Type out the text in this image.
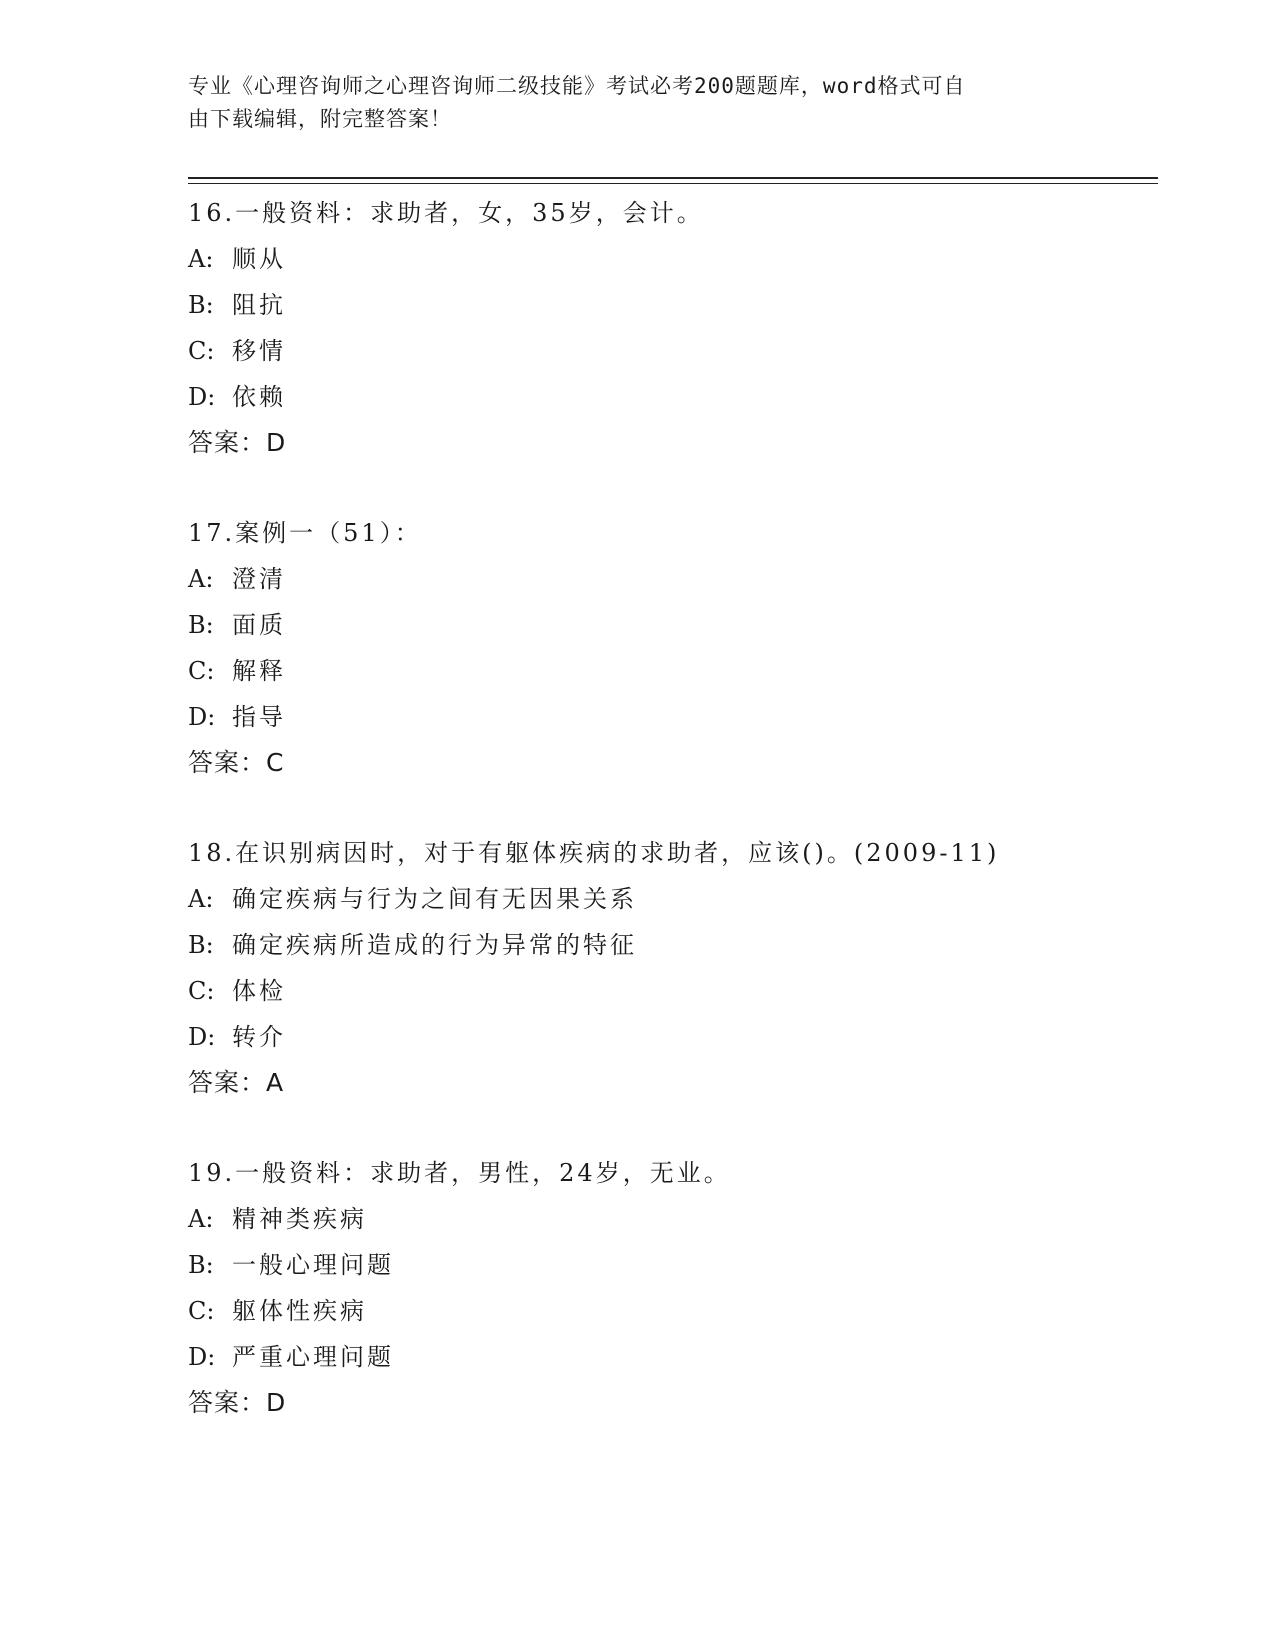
专业《心理咨询师之心理咨询师二级技能》考试必考200题题库，word格式可自
由下载编辑，附完整答案！
16.一般资料：求助者，女，35岁，会计。
A: 顺从
B: 阻抗
C: 移情
D: 依赖
答案：D
17.案例一（51）：
A: 澄清
B: 面质
C: 解释
D: 指导
答案：C
18.在识别病因时，对于有躯体疾病的求助者，应该()。(2009-11)
A: 确定疾病与行为之间有无因果关系
B: 确定疾病所造成的行为异常的特征
C: 体检
D: 转介
答案：A
19.一般资料：求助者，男性，24岁，无业。
A: 精神类疾病
B: 一般心理问题
C: 躯体性疾病
D: 严重心理问题
答案：D
